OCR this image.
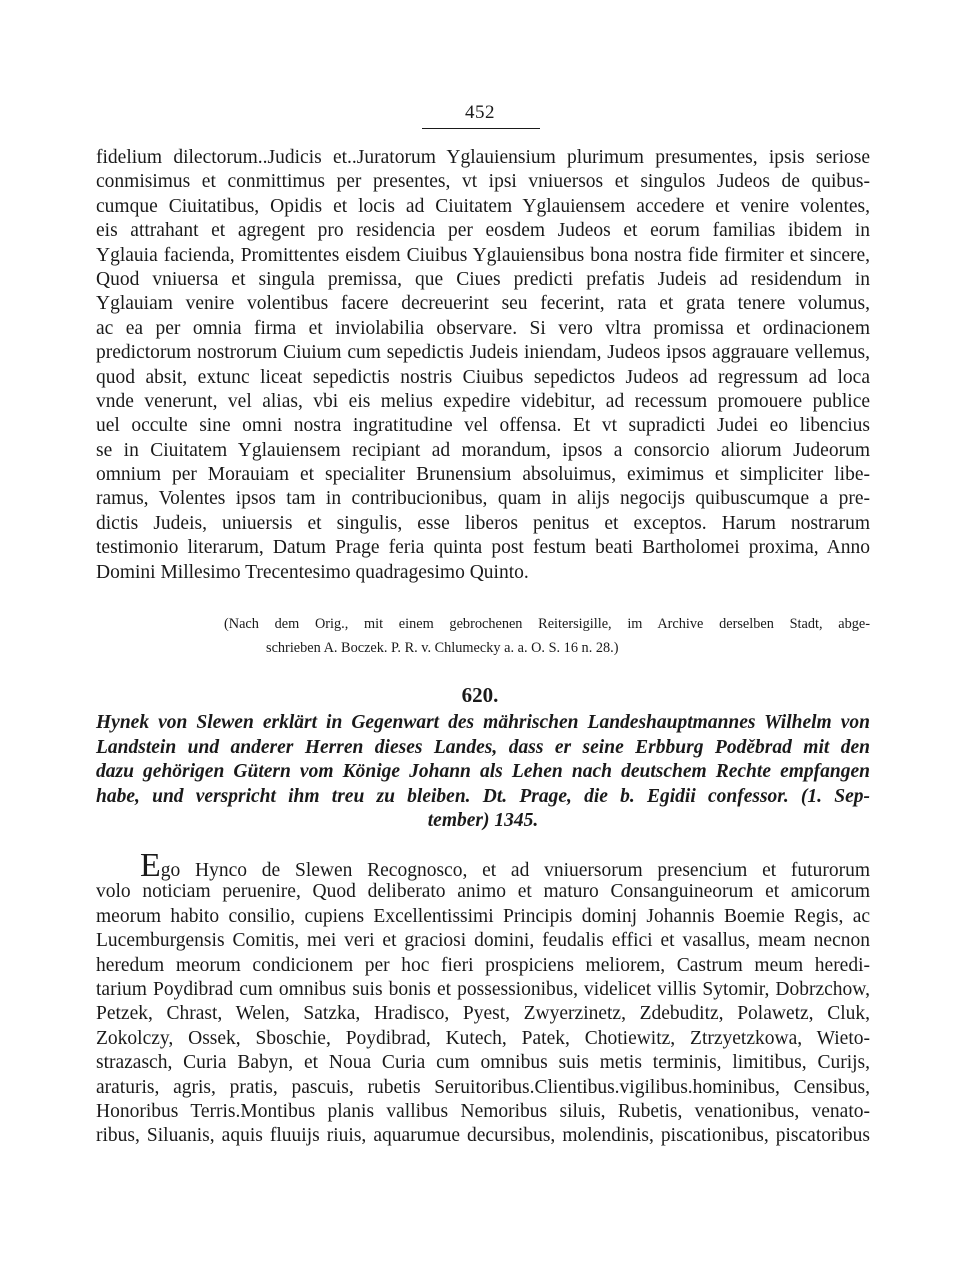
452
fidelium dilectorum..Judicis et..Juratorum Yglauiensium plurimum presumentes, ipsis seriose
conmisimus et conmittimus per presentes, vt ipsi vniuersos et singulos Judeos de quibus-
cumque Ciuitatibus, Opidis et locis ad Ciuitatem Yglauiensem accedere et venire volentes,
eis attrahant et agregent pro residencia per eosdem Judeos et eorum familias ibidem in
Yglauia facienda, Promittentes eisdem Ciuibus Yglauiensibus bona nostra fide firmiter et sincere,
Quod vniuersa et singula premissa, que Ciues predicti prefatis Judeis ad residendum in
Yglauiam venire volentibus facere decreuerint seu fecerint, rata et grata tenere volumus,
ac ea per omnia firma et inviolabilia observare. Si vero vltra promissa et ordinacionem
predictorum nostrorum Ciuium cum sepedictis Judeis iniendam, Judeos ipsos aggrauare vellemus,
quod absit, extunc liceat sepedictis nostris Ciuibus sepedictos Judeos ad regressum ad loca
vnde venerunt, vel alias, vbi eis melius expedire videbitur, ad recessum promouere publice
uel occulte sine omni nostra ingratitudine vel offensa. Et vt supradicti Judei eo libencius
se in Ciuitatem Yglauiensem recipiant ad morandum, ipsos a consorcio aliorum Judeorum
omnium per Morauiam et specialiter Brunensium absoluimus, eximimus et simpliciter libe-
ramus, Volentes ipsos tam in contribucionibus, quam in alijs negocijs quibuscumque a pre-
dictis Judeis, uniuersis et singulis, esse liberos penitus et exceptos. Harum nostrarum
testimonio literarum, Datum Prage feria quinta post festum beati Bartholomei proxima, Anno
Domini Millesimo Trecentesimo quadragesimo Quinto.
(Nach dem Orig., mit einem gebrochenen Reitersigille, im Archive derselben Stadt, abge-
schrieben A. Boczek. P. R. v. Chlumecky a. a. O. S. 16 n. 28.)
620.
Hynek von Slewen erklärt in Gegenwart des mährischen Landeshauptmannes Wilhelm von
Landstein und anderer Herren dieses Landes, dass er seine Erbburg Poděbrad mit den
dazu gehörigen Gütern vom Könige Johann als Lehen nach deutschem Rechte empfangen
habe, und verspricht ihm treu zu bleiben. Dt. Prage, die b. Egidii confessor. (1. Sep-
tember) 1345.
Ego Hynco de Slewen Recognosco, et ad vniuersorum presencium et futurorum
volo noticiam peruenire, Quod deliberato animo et maturo Consanguineorum et amicorum
meorum habito consilio, cupiens Excellentissimi Principis dominj Johannis Boemie Regis, ac
Lucemburgensis Comitis, mei veri et graciosi domini, feudalis effici et vasallus, meam necnon
heredum meorum condicionem per hoc fieri prospiciens meliorem, Castrum meum heredi-
tarium Poydibrad cum omnibus suis bonis et possessionibus, videlicet villis Sytomir, Dobrzchow,
Petzek, Chrast, Welen, Satzka, Hradisco, Pyest, Zwyerzinetz, Zdebuditz, Polawetz, Cluk,
Zokolczy, Ossek, Sboschie, Poydibrad, Kutech, Patek, Chotiewitz, Ztrzyetzkowa, Wieto-
strazasch, Curia Babyn, et Noua Curia cum omnibus suis metis terminis, limitibus, Curijs,
araturis, agris, pratis, pascuis, rubetis Seruitoribus.Clientibus.vigilibus.hominibus, Censibus,
Honoribus Terris.Montibus planis vallibus Nemoribus siluis, Rubetis, venationibus, venato-
ribus, Siluanis, aquis fluuijs riuis, aquarumue decursibus, molendinis, piscationibus, piscatoribus
